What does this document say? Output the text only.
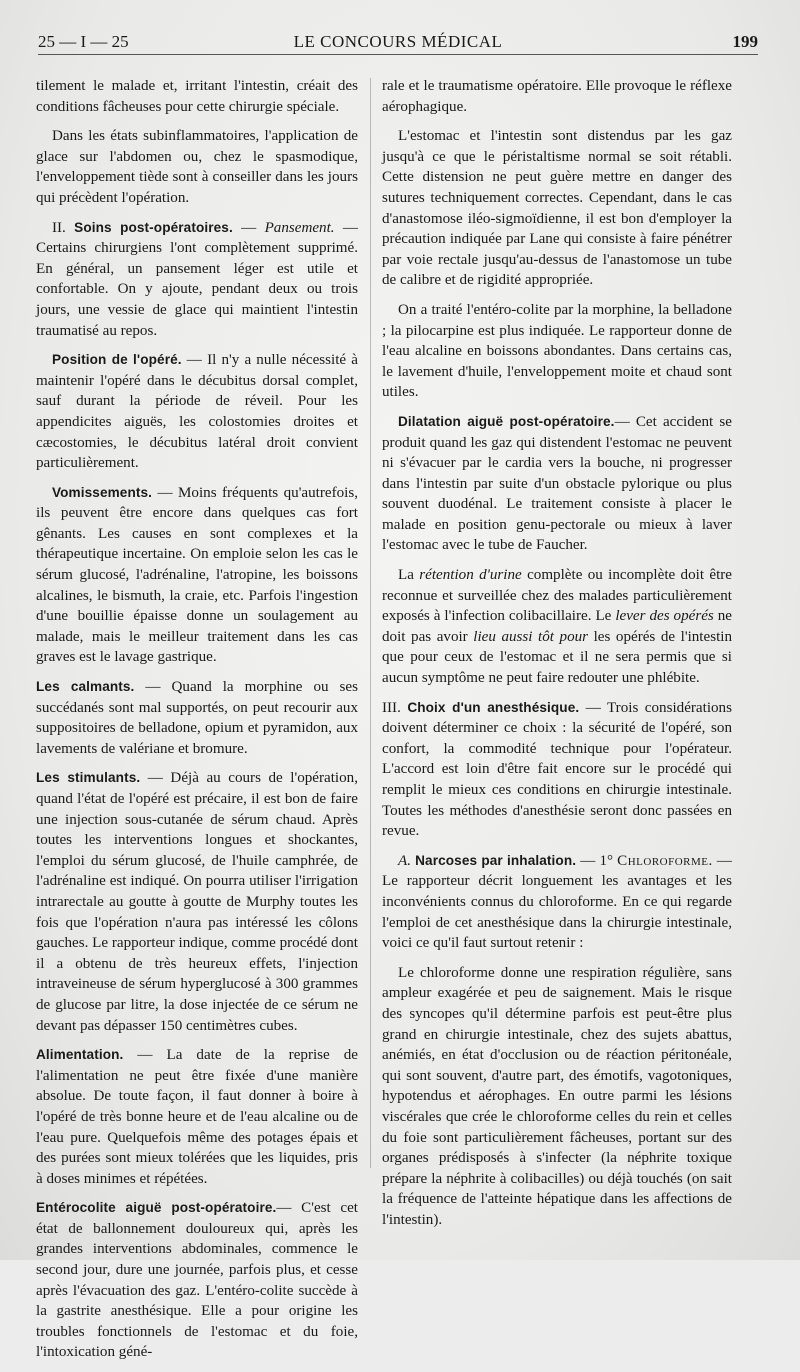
25 — I — 25	LE CONCOURS MÉDICAL	199

tilement le malade et, irritant l'intestin, créait des conditions fâcheuses pour cette chirurgie spéciale.

Dans les états subinflammatoires, l'application de glace sur l'abdomen ou, chez le spasmodique, l'enveloppement tiède sont à conseiller dans les jours qui précèdent l'opération.

II. Soins post-opératoires. — Pansement. — Certains chirurgiens l'ont complètement supprimé. En général, un pansement léger est utile et confortable. On y ajoute, pendant deux ou trois jours, une vessie de glace qui maintient l'intestin traumatisé au repos.

Position de l'opéré. — Il n'y a nulle nécessité à maintenir l'opéré dans le décubitus dorsal complet, sauf durant la période de réveil. Pour les appendicites aiguës, les colostomies droites et cæcostomies, le décubitus latéral droit convient particulièrement.

Vomissements. — Moins fréquents qu'autrefois, ils peuvent être encore dans quelques cas fort gênants. Les causes en sont complexes et la thérapeutique incertaine. On emploie selon les cas le sérum glucosé, l'adrénaline, l'atropine, les boissons alcalines, le bismuth, la craie, etc. Parfois l'ingestion d'une bouillie épaisse donne un soulagement au malade, mais le meilleur traitement dans les cas graves est le lavage gastrique.

Les calmants. — Quand la morphine ou ses succédanés sont mal supportés, on peut recourir aux suppositoires de belladone, opium et pyramidon, aux lavements de valériane et bromure.

Les stimulants. — Déjà au cours de l'opération, quand l'état de l'opéré est précaire, il est bon de faire une injection sous-cutanée de sérum chaud. Après toutes les interventions longues et shockantes, l'emploi du sérum glucosé, de l'huile camphrée, de l'adrénaline est indiqué. On pourra utiliser l'irrigation intrarectale au goutte à goutte de Murphy toutes les fois que l'opération n'aura pas intéressé les côlons gauches. Le rapporteur indique, comme procédé dont il a obtenu de très heureux effets, l'injection intraveineuse de sérum hyperglucosé à 300 grammes de glucose par litre, la dose injectée de ce sérum ne devant pas dépasser 150 centimètres cubes.

Alimentation. — La date de la reprise de l'alimentation ne peut être fixée d'une manière absolue. De toute façon, il faut donner à boire à l'opéré de très bonne heure et de l'eau alcaline ou de l'eau pure. Quelquefois même des potages épais et des purées sont mieux tolérées que les liquides, pris à doses minimes et répétées.

Entérocolite aiguë post-opératoire.— C'est cet état de ballonnement douloureux qui, après les grandes interventions abdominales, commence le second jour, dure une journée, parfois plus, et cesse après l'évacuation des gaz. L'entéro-colite succède à la gastrite anesthésique. Elle a pour origine les troubles fonctionnels de l'estomac et du foie, l'intoxication géné-

rale et le traumatisme opératoire. Elle provoque le réflexe aérophagique.

L'estomac et l'intestin sont distendus par les gaz jusqu'à ce que le péristaltisme normal se soit rétabli. Cette distension ne peut guère mettre en danger des sutures techniquement correctes. Cependant, dans le cas d'anastomose iléo-sigmoïdienne, il est bon d'employer la précaution indiquée par Lane qui consiste à faire pénétrer par voie rectale jusqu'au-dessus de l'anastomose un tube de calibre et de rigidité appropriée.

On a traité l'entéro-colite par la morphine, la belladone ; la pilocarpine est plus indiquée. Le rapporteur donne de l'eau alcaline en boissons abondantes. Dans certains cas, le lavement d'huile, l'enveloppement moite et chaud sont utiles.

Dilatation aiguë post-opératoire.— Cet accident se produit quand les gaz qui distendent l'estomac ne peuvent ni s'évacuer par le cardia vers la bouche, ni progresser dans l'intestin par suite d'un obstacle pylorique ou plus souvent duodénal. Le traitement consiste à placer le malade en position genu-pectorale ou mieux à laver l'estomac avec le tube de Faucher.

La rétention d'urine complète ou incomplète doit être reconnue et surveillée chez des malades particulièrement exposés à l'infection colibacillaire. Le lever des opérés ne doit pas avoir lieu aussi tôt pour les opérés de l'intestin que pour ceux de l'estomac et il ne sera permis que si aucun symptôme ne peut faire redouter une phlébite.

III. Choix d'un anesthésique. — Trois considérations doivent déterminer ce choix : la sécurité de l'opéré, son confort, la commodité technique pour l'opérateur. L'accord est loin d'être fait encore sur le procédé qui remplit le mieux ces conditions en chirurgie intestinale. Toutes les méthodes d'anesthésie seront donc passées en revue.

A. Narcoses par inhalation. — 1° Chloroforme. — Le rapporteur décrit longuement les avantages et les inconvénients connus du chloroforme. En ce qui regarde l'emploi de cet anesthésique dans la chirurgie intestinale, voici ce qu'il faut surtout retenir :

Le chloroforme donne une respiration régulière, sans ampleur exagérée et peu de saignement. Mais le risque des syncopes qu'il détermine parfois est peut-être plus grand en chirurgie intestinale, chez des sujets abattus, anémiés, en état d'occlusion ou de réaction péritonéale, qui sont souvent, d'autre part, des émotifs, vagotoniques, hypotendus et aérophages. En outre parmi les lésions viscérales que crée le chloroforme celles du rein et celles du foie sont particulièrement fâcheuses, portant sur des organes prédisposés à s'infecter (la néphrite toxique prépare la néphrite à colibacilles) ou déjà touchés (on sait la fréquence de l'atteinte hépatique dans les affections de l'intestin).
